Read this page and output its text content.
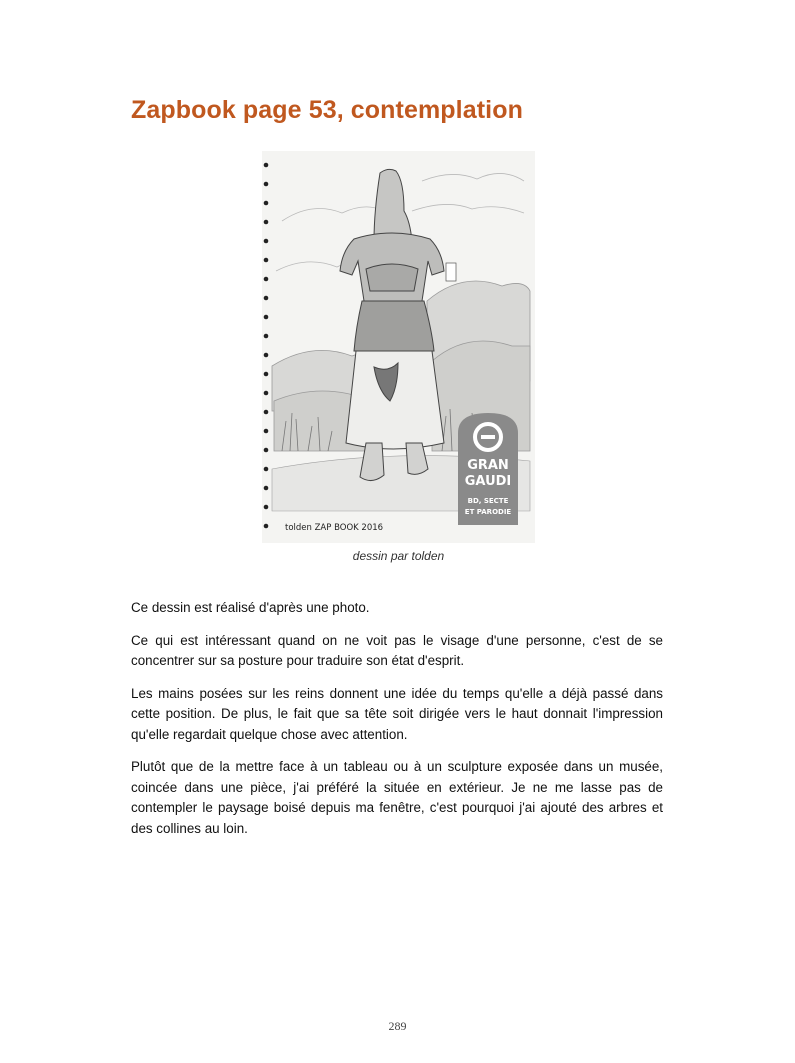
Zapbook page 53, contemplation
GRAN
GAUDI
BD, SECTE
ET PARODIE
tolden ZAP BOOK 2016
dessin par tolden

Ce dessin est réalisé d'après une photo.

Ce qui est intéressant quand on ne voit pas le visage d'une personne, c'est de se concentrer sur sa posture pour traduire son état d'esprit.

Les mains posées sur les reins donnent une idée du temps qu'elle a déjà passé dans cette position. De plus, le fait que sa tête soit dirigée vers le haut donnait l'impression qu'elle regardait quelque chose avec attention.

Plutôt que de la mettre face à un tableau ou à un sculpture exposée dans un musée, coincée dans une pièce, j'ai préféré la située en extérieur. Je ne me lasse pas de contempler le paysage boisé depuis ma fenêtre, c'est pourquoi j'ai ajouté des arbres et des collines au loin.

289
